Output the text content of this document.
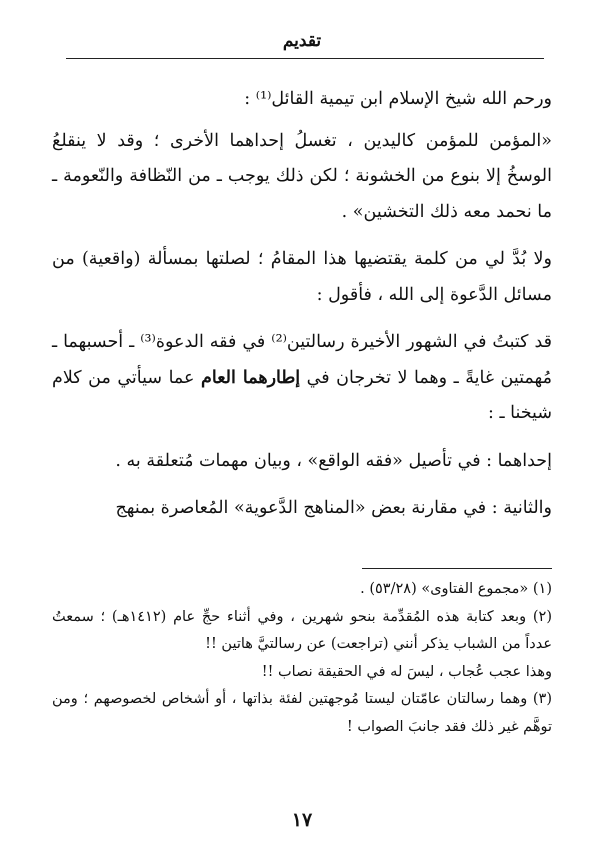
تقديم

ورحم الله شيخ الإسلام ابن تيمية القائل⁽¹⁾ :

«المؤمن للمؤمن كاليدين ، تغسلُ إحداهما الأخرى ؛ وقد لا ينقلعُ الوسخُ إلا بنوع من الخشونة ؛ لكن ذلك يوجب ـ من النّظافة والنّعومة ـ ما نحمد معه ذلك التخشين» .

ولا بُدَّ لي من كلمة يقتضيها هذا المقامُ ؛ لصلتها بمسألة (واقعية) من مسائل الدَّعوة إلى الله ، فأقول :

قد كتبتُ في الشهور الأخيرة رسالتين⁽²⁾ في فقه الدعوة⁽³⁾ ـ أحسبهما ـ مُهمتين غايةً ـ وهما لا تخرجان في إطارهما العام عما سيأتي من كلام شيخنا ـ :

إحداهما : في تأصيل «فقه الواقع» ، وبيان مهمات مُتعلقة به .

والثانية : في مقارنة بعض «المناهج الدَّعوية» المُعاصرة بمنهج

(١) «مجموع الفتاوى» (٥٣/٢٨) .

(٢) وبعد كتابة هذه المُقدِّمة بنحو شهرين ، وفي أثناء حجِّ عام (١٤١٢هـ) ؛ سمعتُ عدداً من الشباب يذكر أنني (تراجعت) عن رسالتيَّ هاتين !!

وهذا عجب عُجاب ، ليسَ له في الحقيقة نصاب !!

(٣) وهما رسالتان عامّتان ليستا مُوجهتين لفئة بذاتها ، أو أشخاص لخصوصهم ؛ ومن توهَّم غير ذلك فقد جانبَ الصواب !

١٧
